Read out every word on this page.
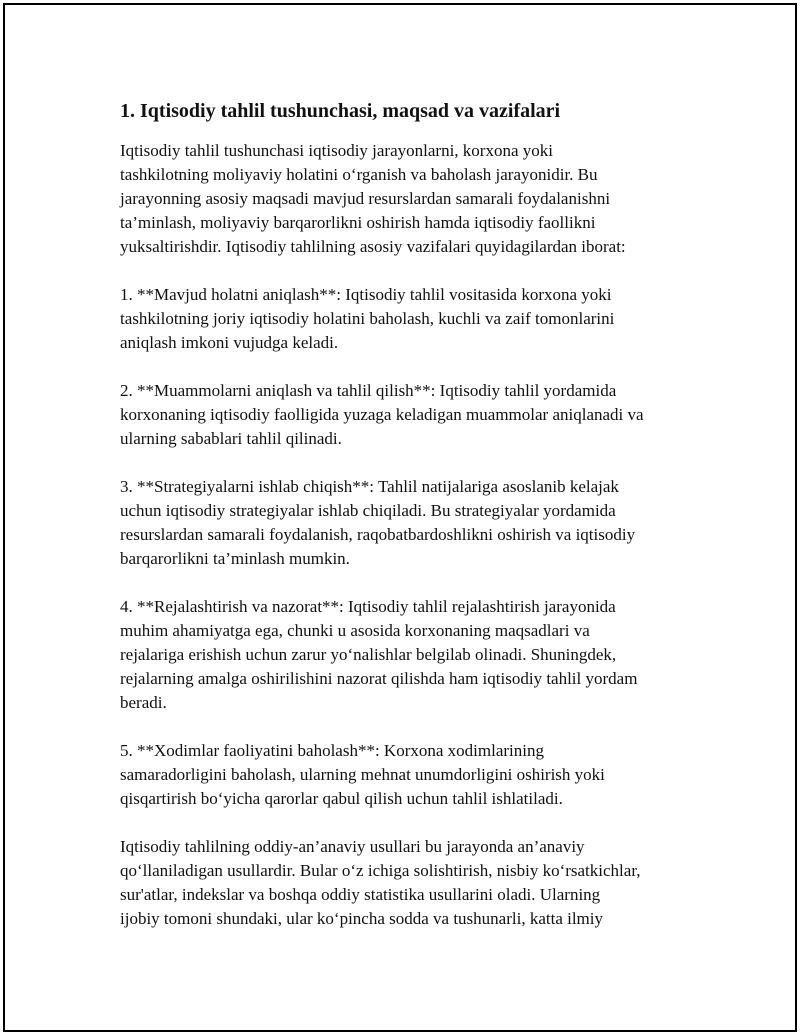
1. Iqtisodiy tahlil tushunchasi, maqsad va vazifalari

Iqtisodiy tahlil tushunchasi iqtisodiy jarayonlarni, korxona yoki
tashkilotning moliyaviy holatini o‘rganish va baholash jarayonidir. Bu
jarayonning asosiy maqsadi mavjud resurslardan samarali foydalanishni
ta’minlash, moliyaviy barqarorlikni oshirish hamda iqtisodiy faollikni
yuksaltirishdir. Iqtisodiy tahlilning asosiy vazifalari quyidagilardan iborat:

1. **Mavjud holatni aniqlash**: Iqtisodiy tahlil vositasida korxona yoki
tashkilotning joriy iqtisodiy holatini baholash, kuchli va zaif tomonlarini
aniqlash imkoni vujudga keladi.

2. **Muammolarni aniqlash va tahlil qilish**: Iqtisodiy tahlil yordamida
korxonaning iqtisodiy faolligida yuzaga keladigan muammolar aniqlanadi va
ularning sabablari tahlil qilinadi.

3. **Strategiyalarni ishlab chiqish**: Tahlil natijalariga asoslanib kelajak
uchun iqtisodiy strategiyalar ishlab chiqiladi. Bu strategiyalar yordamida
resurslardan samarali foydalanish, raqobatbardoshlikni oshirish va iqtisodiy
barqarorlikni ta’minlash mumkin.

4. **Rejalashtirish va nazorat**: Iqtisodiy tahlil rejalashtirish jarayonida
muhim ahamiyatga ega, chunki u asosida korxonaning maqsadlari va
rejalariga erishish uchun zarur yo‘nalishlar belgilab olinadi. Shuningdek,
rejalarning amalga oshirilishini nazorat qilishda ham iqtisodiy tahlil yordam
beradi.

5. **Xodimlar faoliyatini baholash**: Korxona xodimlarining
samaradorligini baholash, ularning mehnat unumdorligini oshirish yoki
qisqartirish bo‘yicha qarorlar qabul qilish uchun tahlil ishlatiladi.

Iqtisodiy tahlilning oddiy-an’anaviy usullari bu jarayonda an’anaviy
qo‘llaniladigan usullardir. Bular o‘z ichiga solishtirish, nisbiy ko‘rsatkichlar,
sur'atlar, indekslar va boshqa oddiy statistika usullarini oladi. Ularning
ijobiy tomoni shundaki, ular ko‘pincha sodda va tushunarli, katta ilmiy
